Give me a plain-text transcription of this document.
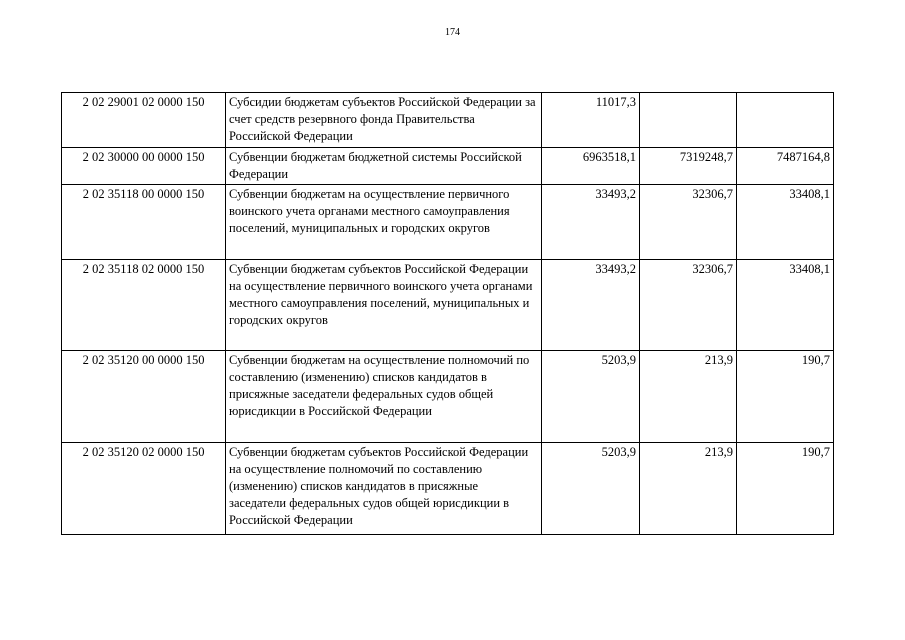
174
2 02 29001 02 0000 150	Субсидии бюджетам субъектов Российской Федерации за счет средств резервного фонда Правительства Российской Федерации	11017,3		
2 02 30000 00 0000 150	Субвенции бюджетам бюджетной системы Российской Федерации	6963518,1	7319248,7	7487164,8
2 02 35118 00 0000 150	Субвенции бюджетам на осуществление первичного воинского учета органами местного самоуправления поселений, муниципальных и городских округов	33493,2	32306,7	33408,1
2 02 35118 02 0000 150	Субвенции бюджетам субъектов Российской Федерации на осуществление первичного воинского учета органами местного самоуправления поселений, муниципальных и городских округов	33493,2	32306,7	33408,1
2 02 35120 00 0000 150	Субвенции бюджетам на осуществление полномочий по составлению (изменению) списков кандидатов в присяжные заседатели федеральных судов общей юрисдикции в Российской Федерации	5203,9	213,9	190,7
2 02 35120 02 0000 150	Субвенции бюджетам субъектов Российской Федерации на осуществление полномочий по составлению (изменению) списков кандидатов в присяжные заседатели федеральных судов общей юрисдикции в Российской Федерации	5203,9	213,9	190,7
